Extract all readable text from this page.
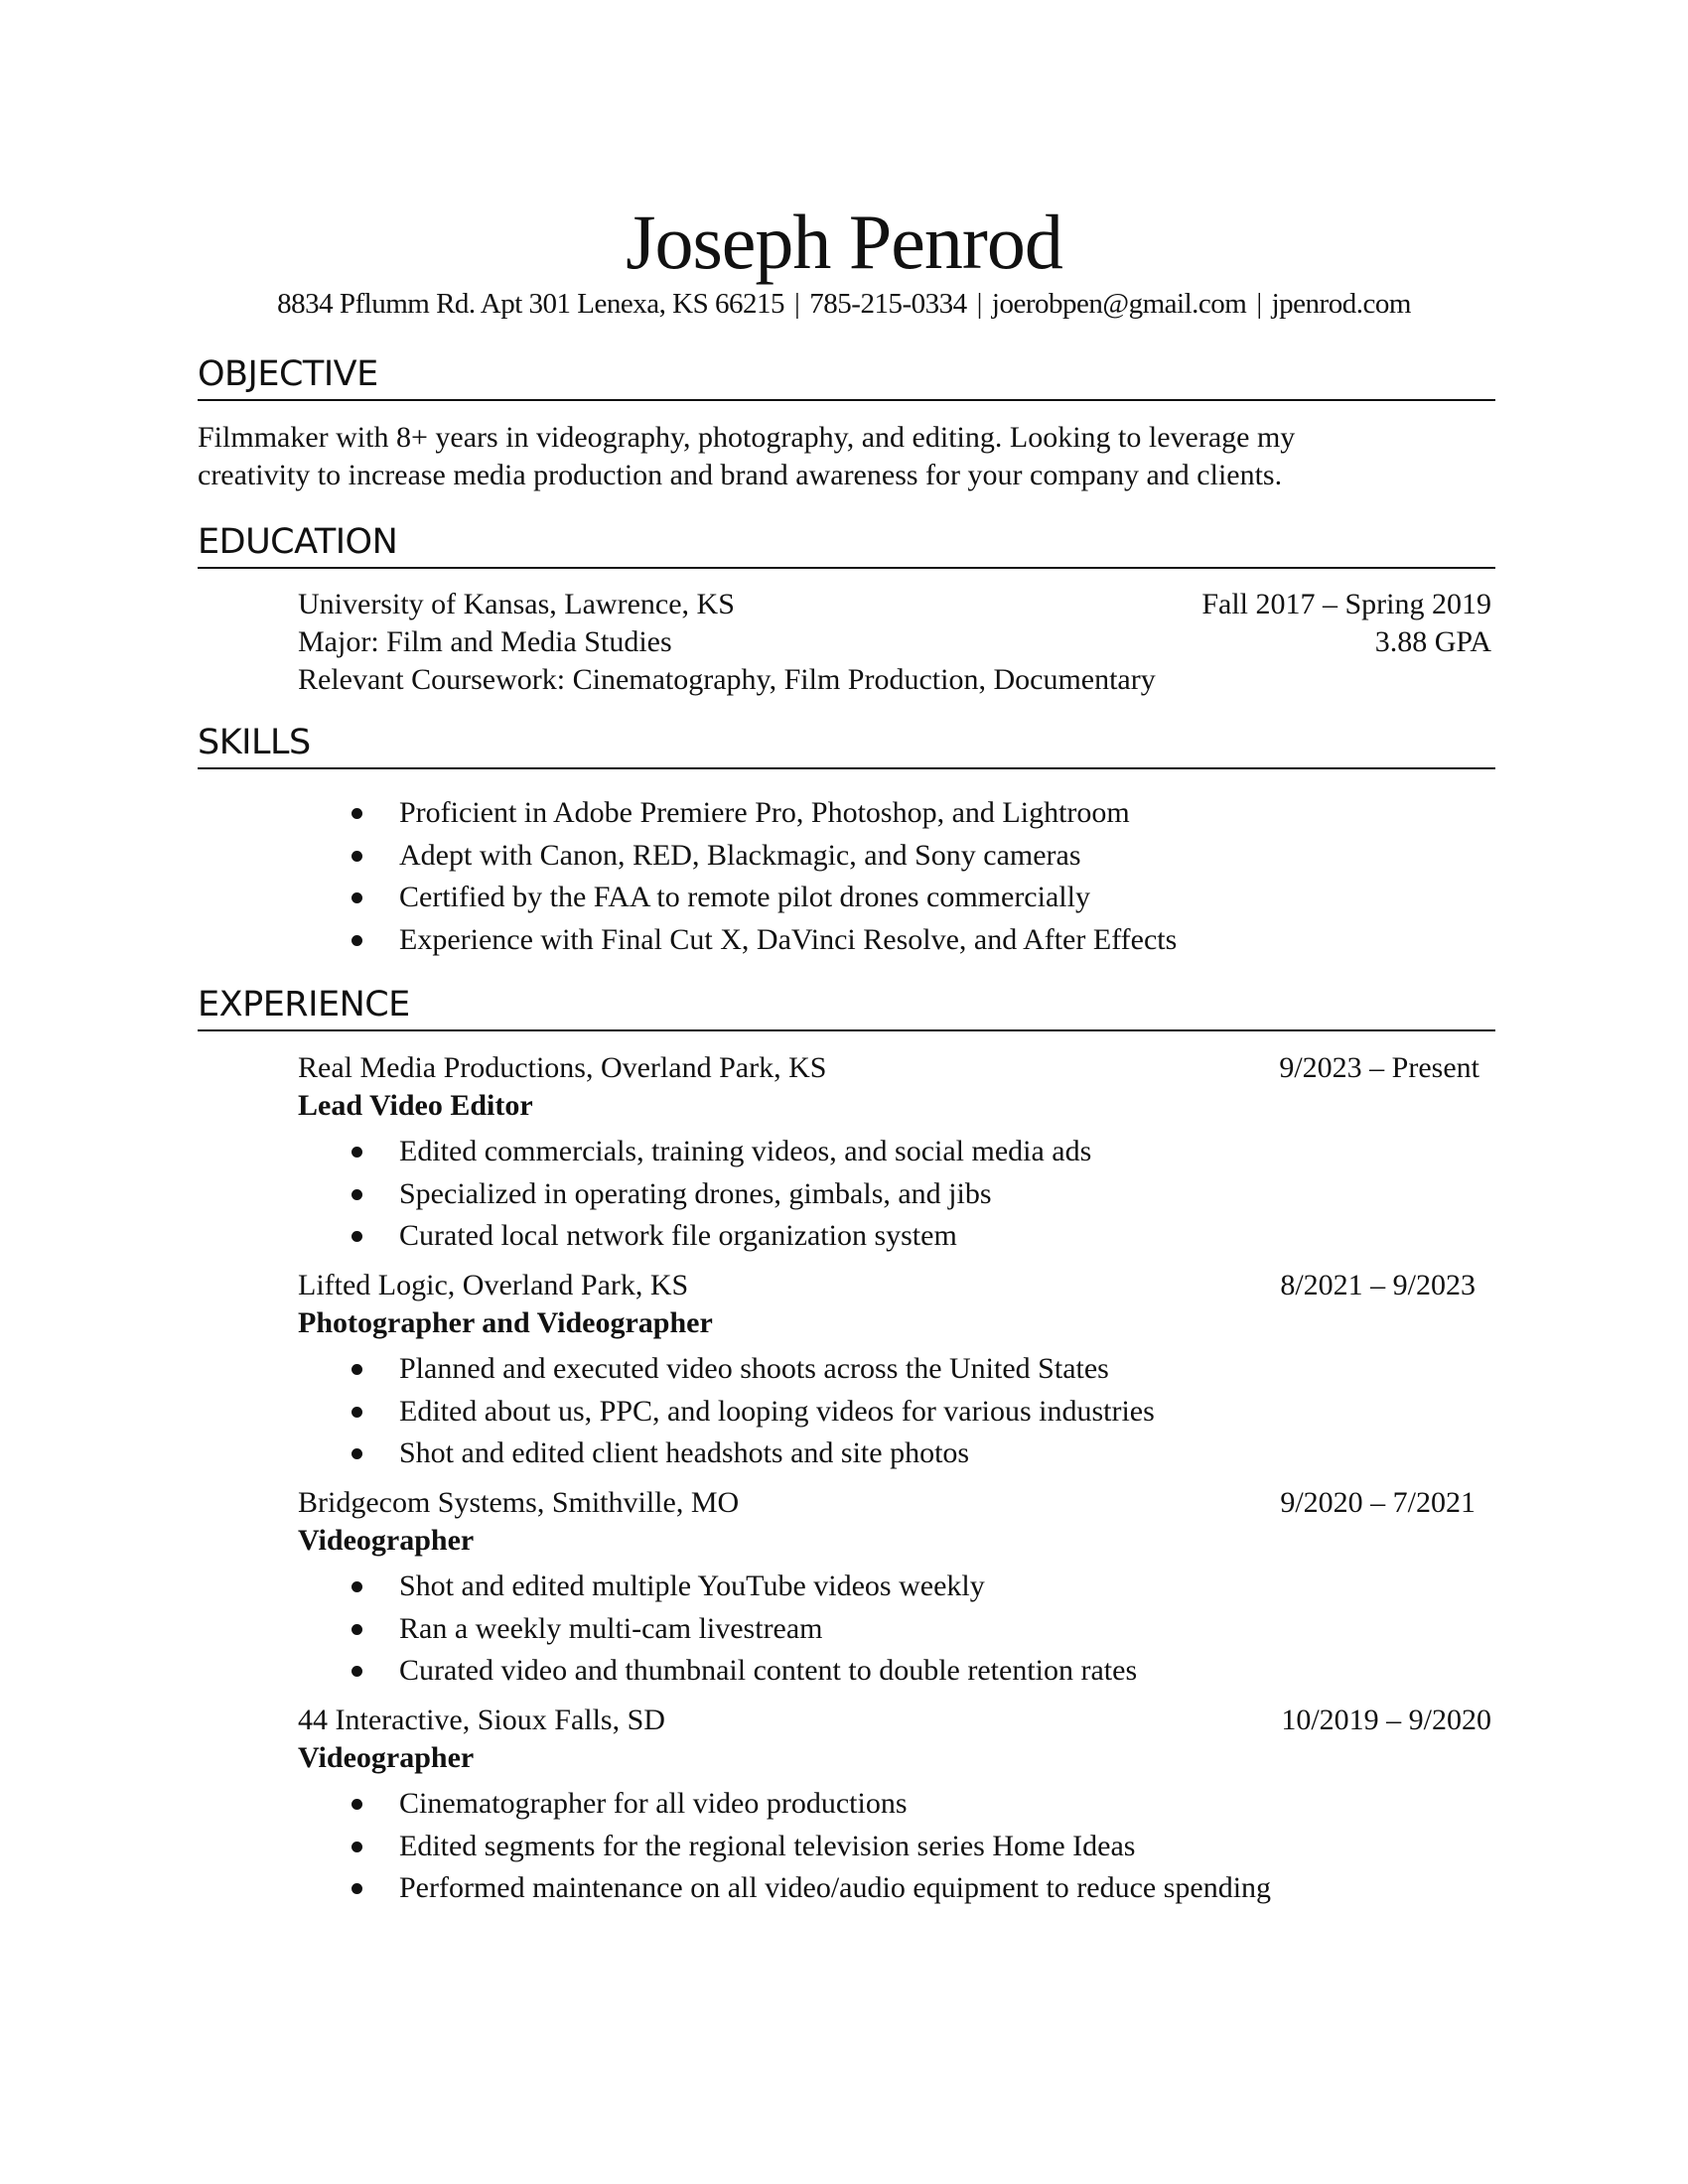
Joseph Penrod
8834 Pflumm Rd. Apt 301 Lenexa, KS 66215 | 785-215-0334 | joerobpen@gmail.com | jpenrod.com
OBJECTIVE
Filmmaker with 8+ years in videography, photography, and editing. Looking to leverage my
creativity to increase media production and brand awareness for your company and clients.
EDUCATION
University of Kansas, Lawrence, KS	Fall 2017 – Spring 2019
Major: Film and Media Studies	3.88 GPA
Relevant Coursework: Cinematography, Film Production, Documentary
SKILLS
Proficient in Adobe Premiere Pro, Photoshop, and Lightroom
Adept with Canon, RED, Blackmagic, and Sony cameras
Certified by the FAA to remote pilot drones commercially
Experience with Final Cut X, DaVinci Resolve, and After Effects
EXPERIENCE
Real Media Productions, Overland Park, KS	9/2023 – Present
Lead Video Editor
Edited commercials, training videos, and social media ads
Specialized in operating drones, gimbals, and jibs
Curated local network file organization system
Lifted Logic, Overland Park, KS	8/2021 – 9/2023
Photographer and Videographer
Planned and executed video shoots across the United States
Edited about us, PPC, and looping videos for various industries
Shot and edited client headshots and site photos
Bridgecom Systems, Smithville, MO	9/2020 – 7/2021
Videographer
Shot and edited multiple YouTube videos weekly
Ran a weekly multi-cam livestream
Curated video and thumbnail content to double retention rates
44 Interactive, Sioux Falls, SD	10/2019 – 9/2020
Videographer
Cinematographer for all video productions
Edited segments for the regional television series Home Ideas
Performed maintenance on all video/audio equipment to reduce spending
